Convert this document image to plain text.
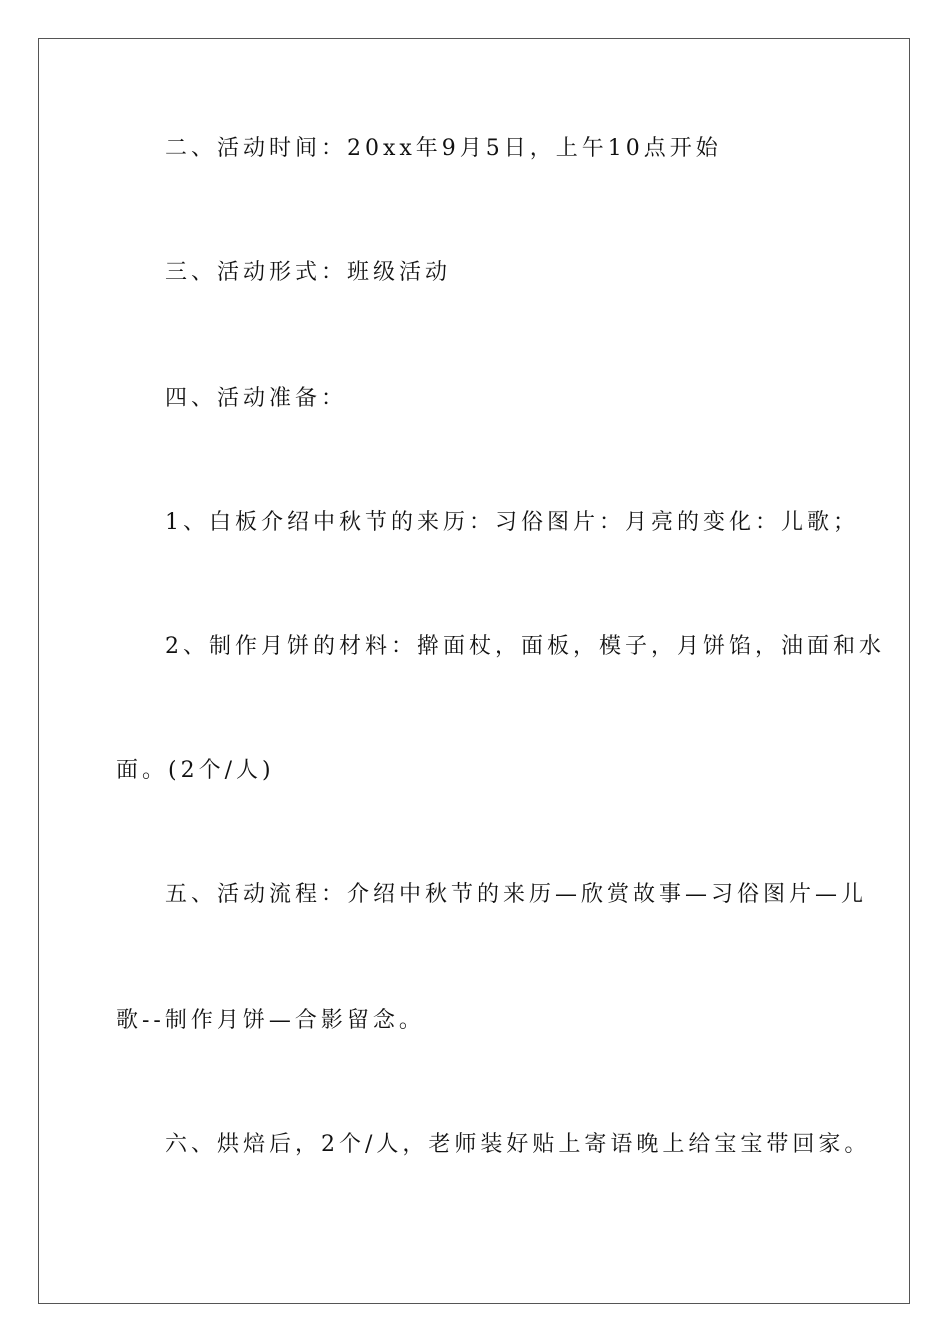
二、活动时间：20xx年9月5日，上午10点开始
三、活动形式：班级活动
四、活动准备：
1、白板介绍中秋节的来历：习俗图片：月亮的变化：儿歌；
2、制作月饼的材料：擀面杖，面板，模子，月饼馅，油面和水
面。(2个/人)
五、活动流程：介绍中秋节的来历—欣赏故事—习俗图片—儿
歌--制作月饼—合影留念。
六、烘焙后，2个/人，老师装好贴上寄语晚上给宝宝带回家。
